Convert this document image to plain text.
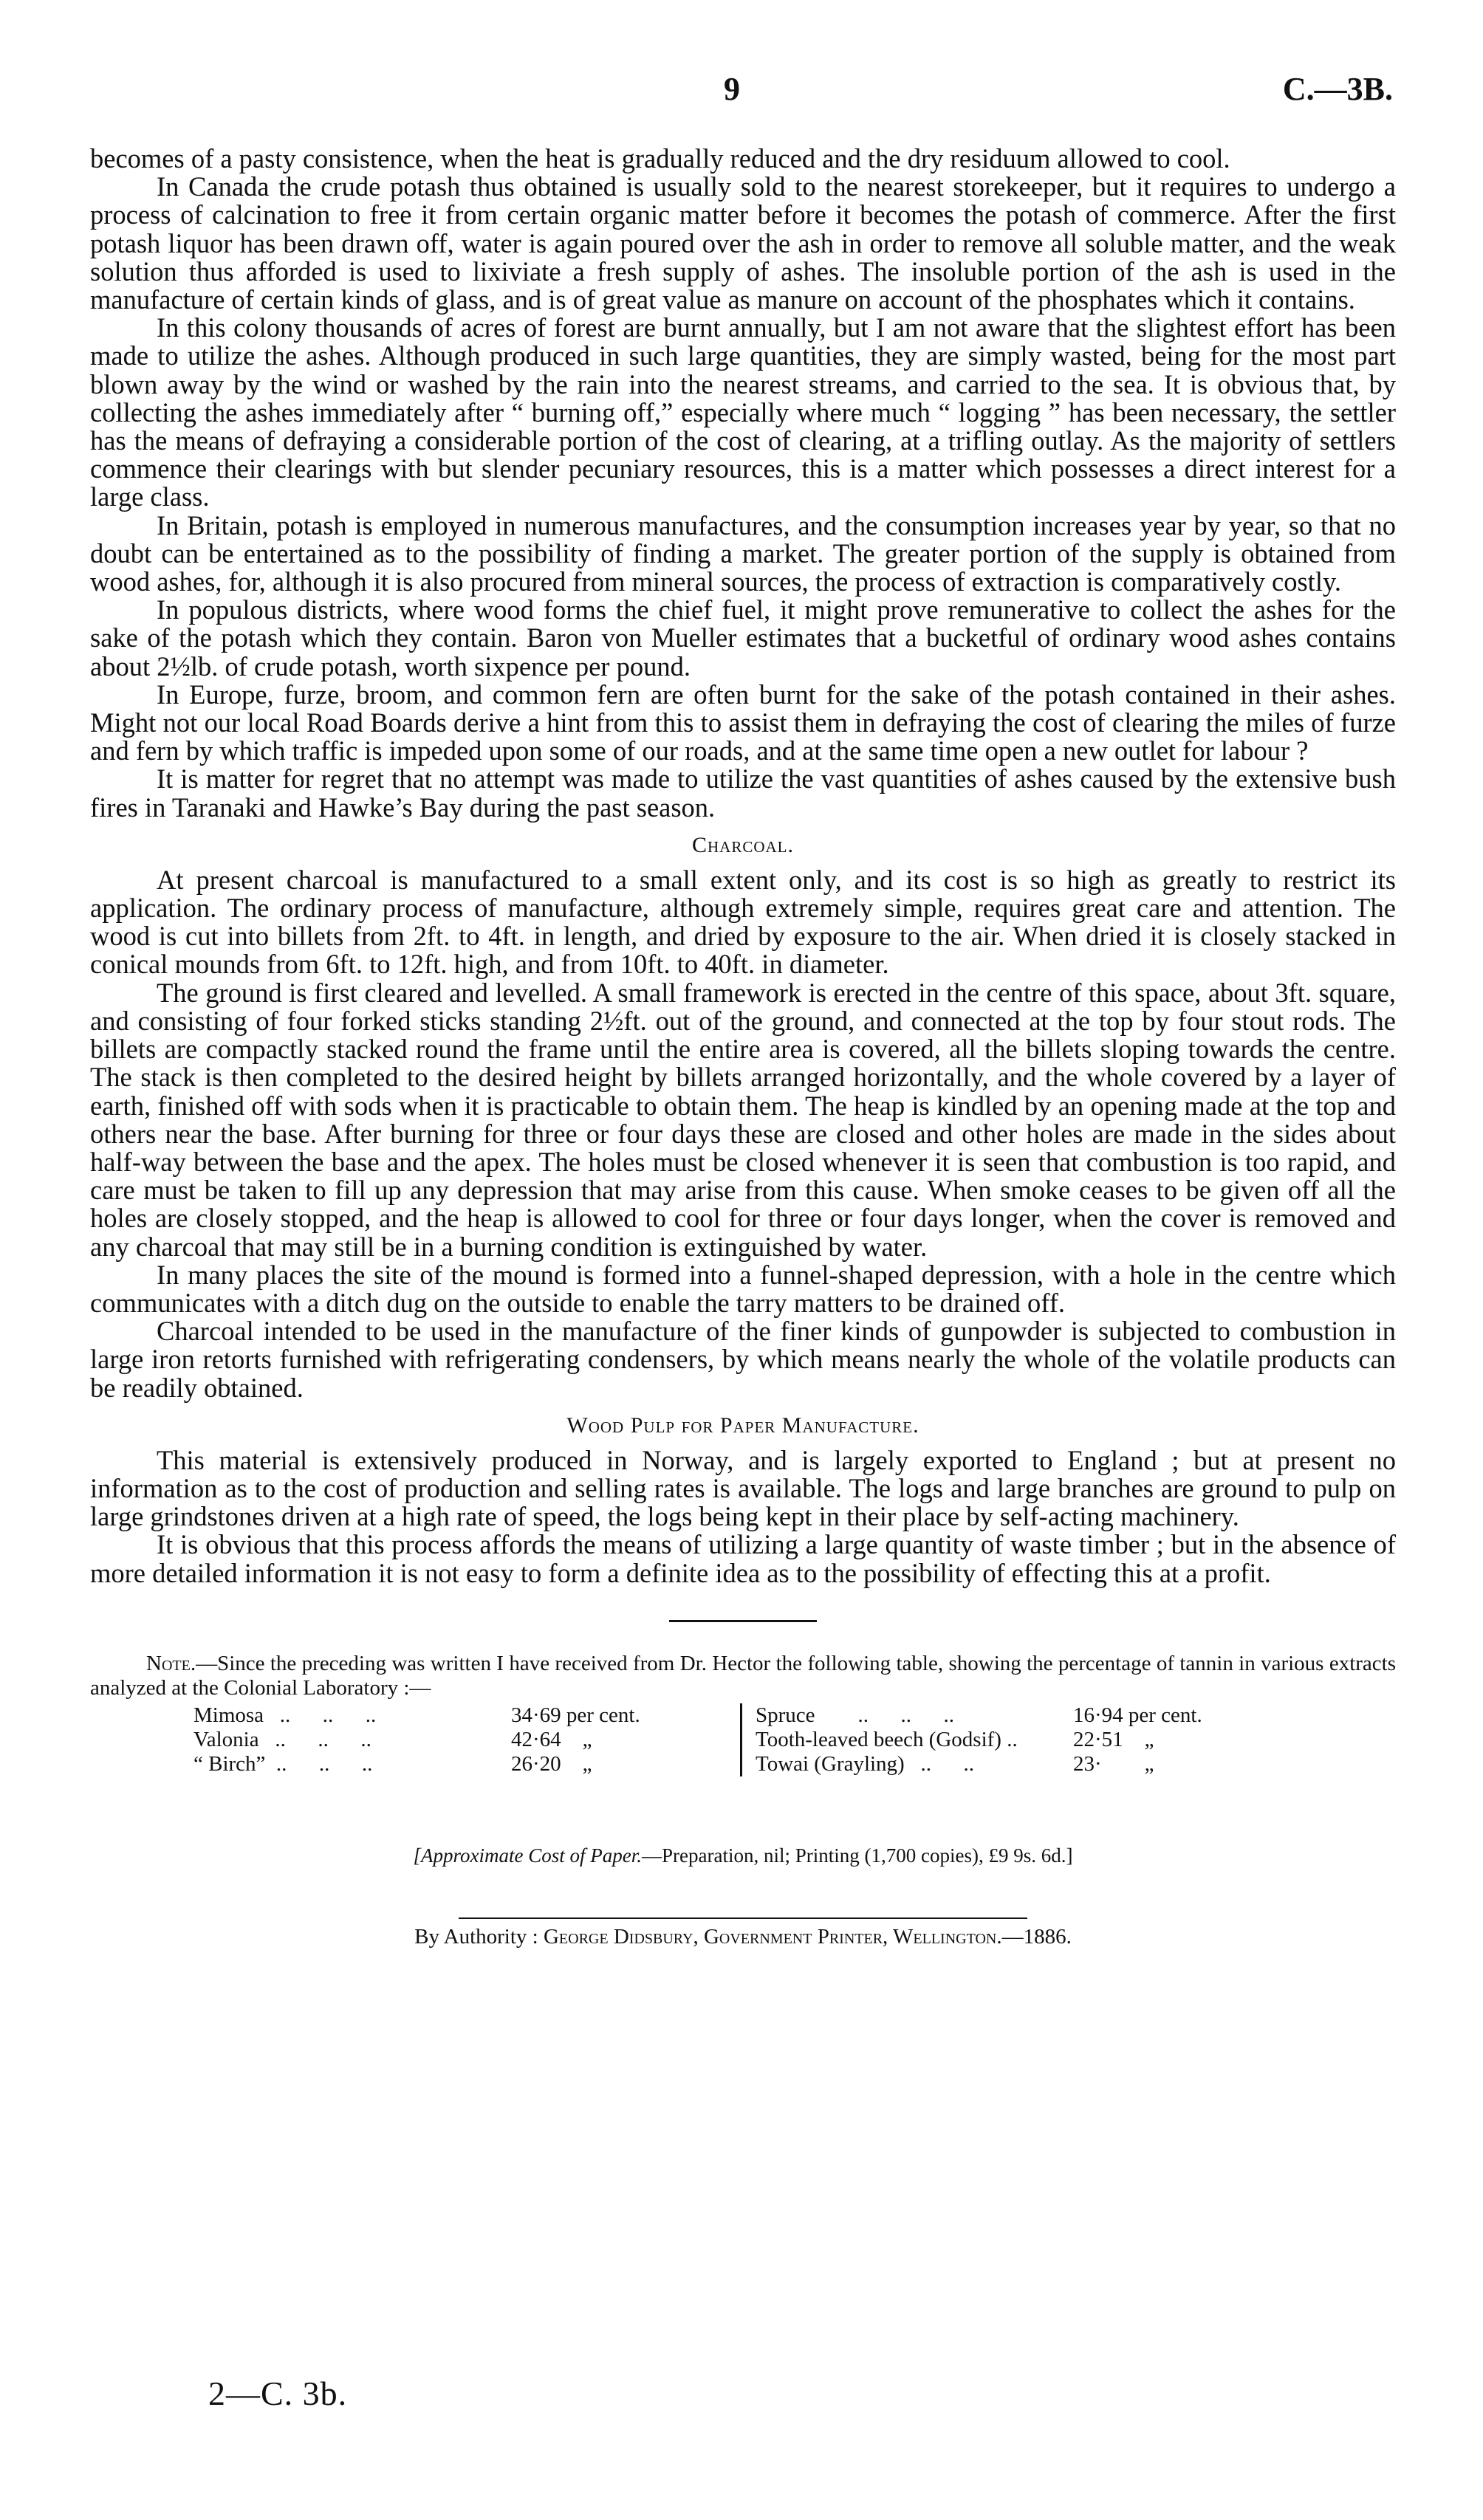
9	C.—3B.

becomes of a pasty consistence, when the heat is gradually reduced and the dry residuum allowed to cool.

In Canada the crude potash thus obtained is usually sold to the nearest storekeeper, but it requires to undergo a process of calcination to free it from certain organic matter before it becomes the potash of commerce. After the first potash liquor has been drawn off, water is again poured over the ash in order to remove all soluble matter, and the weak solution thus afforded is used to lixiviate a fresh supply of ashes. The insoluble portion of the ash is used in the manufacture of certain kinds of glass, and is of great value as manure on account of the phosphates which it contains.

In this colony thousands of acres of forest are burnt annually, but I am not aware that the slightest effort has been made to utilize the ashes. Although produced in such large quantities, they are simply wasted, being for the most part blown away by the wind or washed by the rain into the nearest streams, and carried to the sea. It is obvious that, by collecting the ashes immediately after “ burning off,” especially where much “ logging ” has been necessary, the settler has the means of defraying a considerable portion of the cost of clearing, at a trifling outlay. As the majority of settlers commence their clearings with but slender pecuniary resources, this is a matter which possesses a direct interest for a large class.

In Britain, potash is employed in numerous manufactures, and the consumption increases year by year, so that no doubt can be entertained as to the possibility of finding a market. The greater portion of the supply is obtained from wood ashes, for, although it is also procured from mineral sources, the process of extraction is comparatively costly.

In populous districts, where wood forms the chief fuel, it might prove remunerative to collect the ashes for the sake of the potash which they contain. Baron von Mueller estimates that a bucketful of ordinary wood ashes contains about 2½lb. of crude potash, worth sixpence per pound.

In Europe, furze, broom, and common fern are often burnt for the sake of the potash contained in their ashes. Might not our local Road Boards derive a hint from this to assist them in defraying the cost of clearing the miles of furze and fern by which traffic is impeded upon some of our roads, and at the same time open a new outlet for labour ?

It is matter for regret that no attempt was made to utilize the vast quantities of ashes caused by the extensive bush fires in Taranaki and Hawke’s Bay during the past season.

Charcoal.

At present charcoal is manufactured to a small extent only, and its cost is so high as greatly to restrict its application. The ordinary process of manufacture, although extremely simple, requires great care and attention. The wood is cut into billets from 2ft. to 4ft. in length, and dried by exposure to the air. When dried it is closely stacked in conical mounds from 6ft. to 12ft. high, and from 10ft. to 40ft. in diameter.

The ground is first cleared and levelled. A small framework is erected in the centre of this space, about 3ft. square, and consisting of four forked sticks standing 2½ft. out of the ground, and connected at the top by four stout rods. The billets are compactly stacked round the frame until the entire area is covered, all the billets sloping towards the centre. The stack is then completed to the desired height by billets arranged horizontally, and the whole covered by a layer of earth, finished off with sods when it is practicable to obtain them. The heap is kindled by an opening made at the top and others near the base. After burning for three or four days these are closed and other holes are made in the sides about half-way between the base and the apex. The holes must be closed whenever it is seen that combustion is too rapid, and care must be taken to fill up any depression that may arise from this cause. When smoke ceases to be given off all the holes are closely stopped, and the heap is allowed to cool for three or four days longer, when the cover is removed and any charcoal that may still be in a burning condition is extinguished by water.

In many places the site of the mound is formed into a funnel-shaped depression, with a hole in the centre which communicates with a ditch dug on the outside to enable the tarry matters to be drained off.

Charcoal intended to be used in the manufacture of the finer kinds of gunpowder is subjected to combustion in large iron retorts furnished with refrigerating condensers, by which means nearly the whole of the volatile products can be readily obtained.

Wood Pulp for Paper Manufacture.

This material is extensively produced in Norway, and is largely exported to England ; but at present no information as to the cost of production and selling rates is available. The logs and large branches are ground to pulp on large grindstones driven at a high rate of speed, the logs being kept in their place by self-acting machinery.

It is obvious that this process affords the means of utilizing a large quantity of waste timber ; but in the absence of more detailed information it is not easy to form a definite idea as to the possibility of effecting this at a profit.

Note.—Since the preceding was written I have received from Dr. Hector the following table, showing the percentage of tannin in various extracts analyzed at the Colonial Laboratory :—
Mimosa   ..      ..      ..	34·69 per cent.
Valonia   ..      ..      ..	42·64    „
“ Birch”  ..      ..      ..	26·20    „
Spruce        ..      ..      ..	16·94 per cent.
Tooth-leaved beech (Godsif) ..	22·51    „
Towai (Grayling)   ..      ..	23·        „
[Approximate Cost of Paper.—Preparation, nil; Printing (1,700 copies), £9 9s. 6d.]
By Authority : George Didsbury, Government Printer, Wellington.—1886.
2—C. 3b.
